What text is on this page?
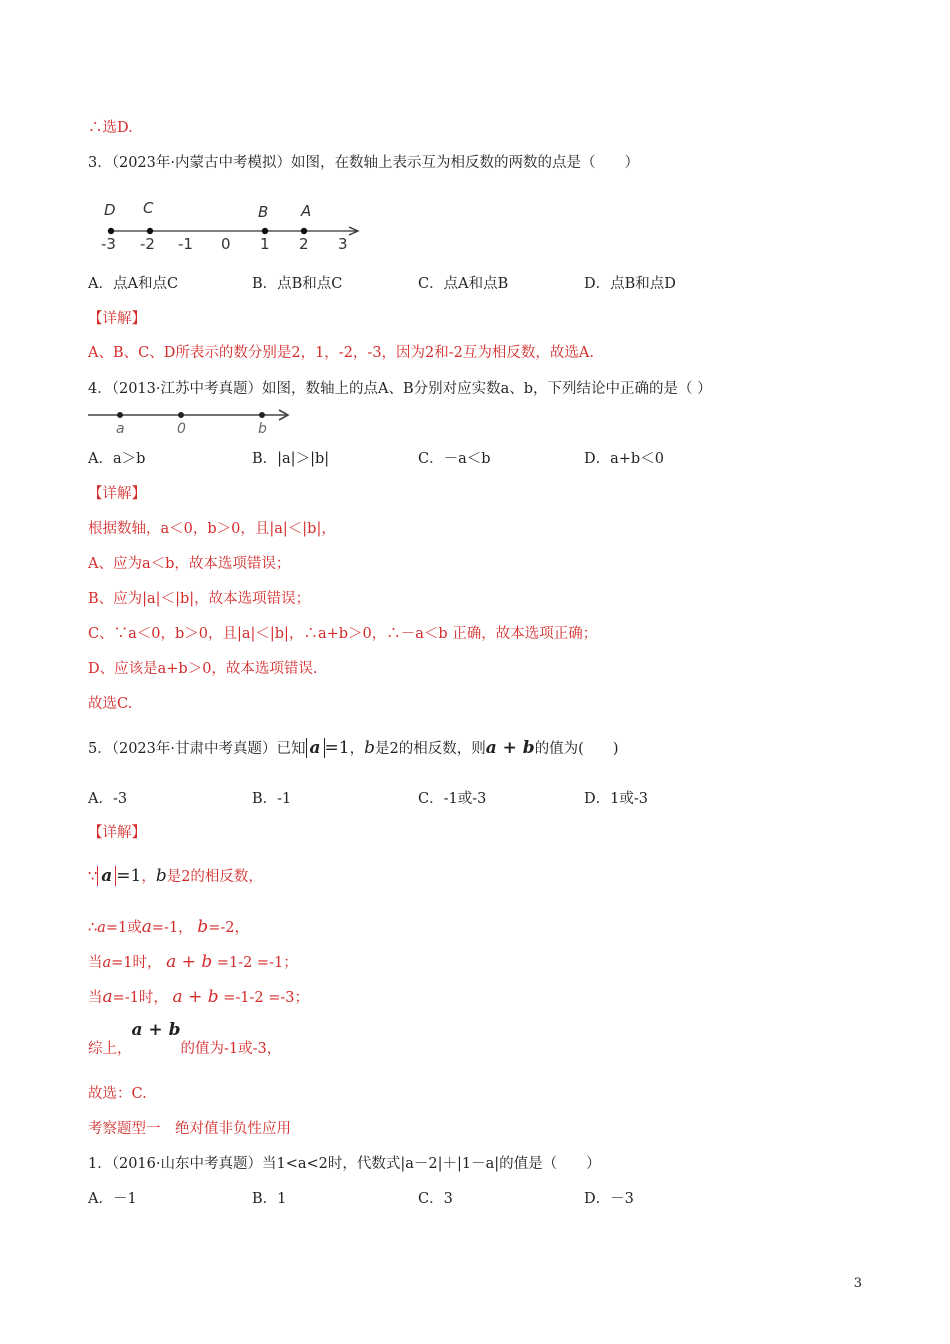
∴选D.
3．（2023年·内蒙古中考模拟）如图，在数轴上表示互为相反数的两数的点是（　　）
-3 -2 -1 0 1 2 3
D C	B A
A．点A和点C	B．点B和点C	C．点A和点B	D．点B和点D
【详解】
A、B、C、D所表示的数分别是2，1，-2，-3，因为2和-2互为相反数，故选A.
4．（2013·江苏中考真题）如图，数轴上的点A、B分别对应实数a、b，下列结论中正确的是（ ）
a	0	b
A．a＞b	B．|a|＞|b|	C．－a＜b	D．a+b＜0
【详解】
根据数轴，a＜0，b＞0，且|a|＜|b|，
A、应为a＜b，故本选项错误；
B、应为|a|＜|b|，故本选项错误；
C、∵a＜0，b＞0，且|a|＜|b|，∴a+b＞0，∴－a＜b 正确，故本选项正确；
D、应该是a+b＞0，故本选项错误.
故选C.
5．（2023年·甘肃中考真题）已知 a =1，b是2的相反数，则a + b的值为(　　)
A．-3	B．-1	C．-1或-3	D．1或-3
【详解】
∵ a =1，b是2的相反数，
∴a=1或a=-1， b=-2，
当a=1时， a + b =1-2 =-1；
当a=-1时， a + b =-1-2 =-3；
综上，a + b的值为-1或-3，
故选：C.
考察题型一　绝对值非负性应用
1．（2016·山东中考真题）当1<a<2时，代数式|a－2|＋|1－a|的值是（　　）
A．－1	B．1	C．3	D．－3
3
